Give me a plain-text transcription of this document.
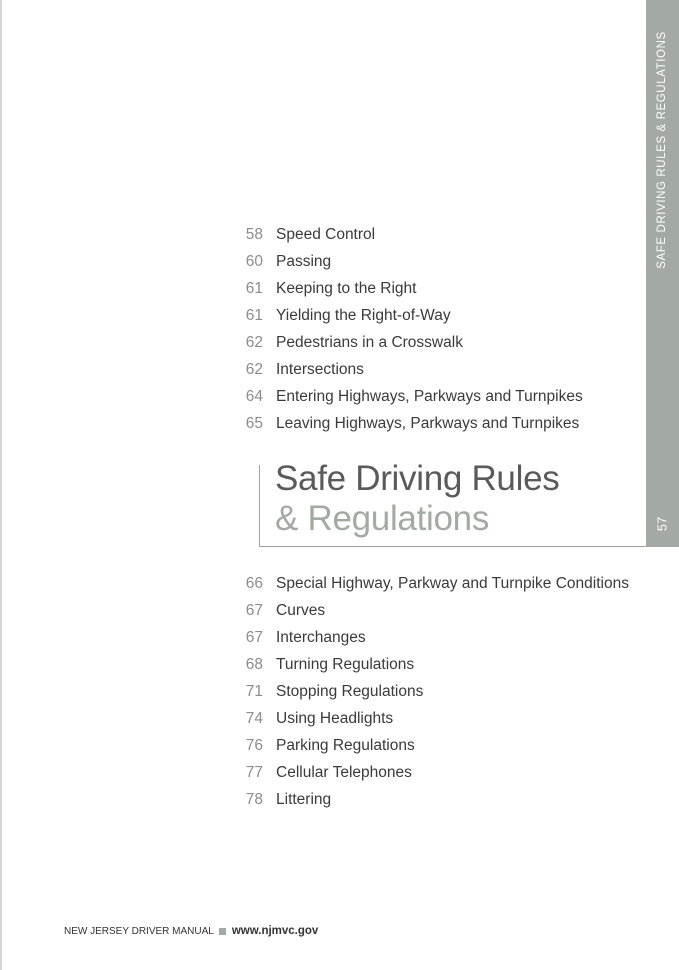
SAFE DRIVING RULES & REGULATIONS
57
58 Speed Control
60 Passing
61 Keeping to the Right
61 Yielding the Right-of-Way
62 Pedestrians in a Crosswalk
62 Intersections
64 Entering Highways, Parkways and Turnpikes
65 Leaving Highways, Parkways and Turnpikes
Safe Driving Rules
& Regulations
66 Special Highway, Parkway and Turnpike Conditions
67 Curves
67 Interchanges
68 Turning Regulations
71 Stopping Regulations
74 Using Headlights
76 Parking Regulations
77 Cellular Telephones
78 Littering
NEW JERSEY DRIVER MANUAL www.njmvc.gov
